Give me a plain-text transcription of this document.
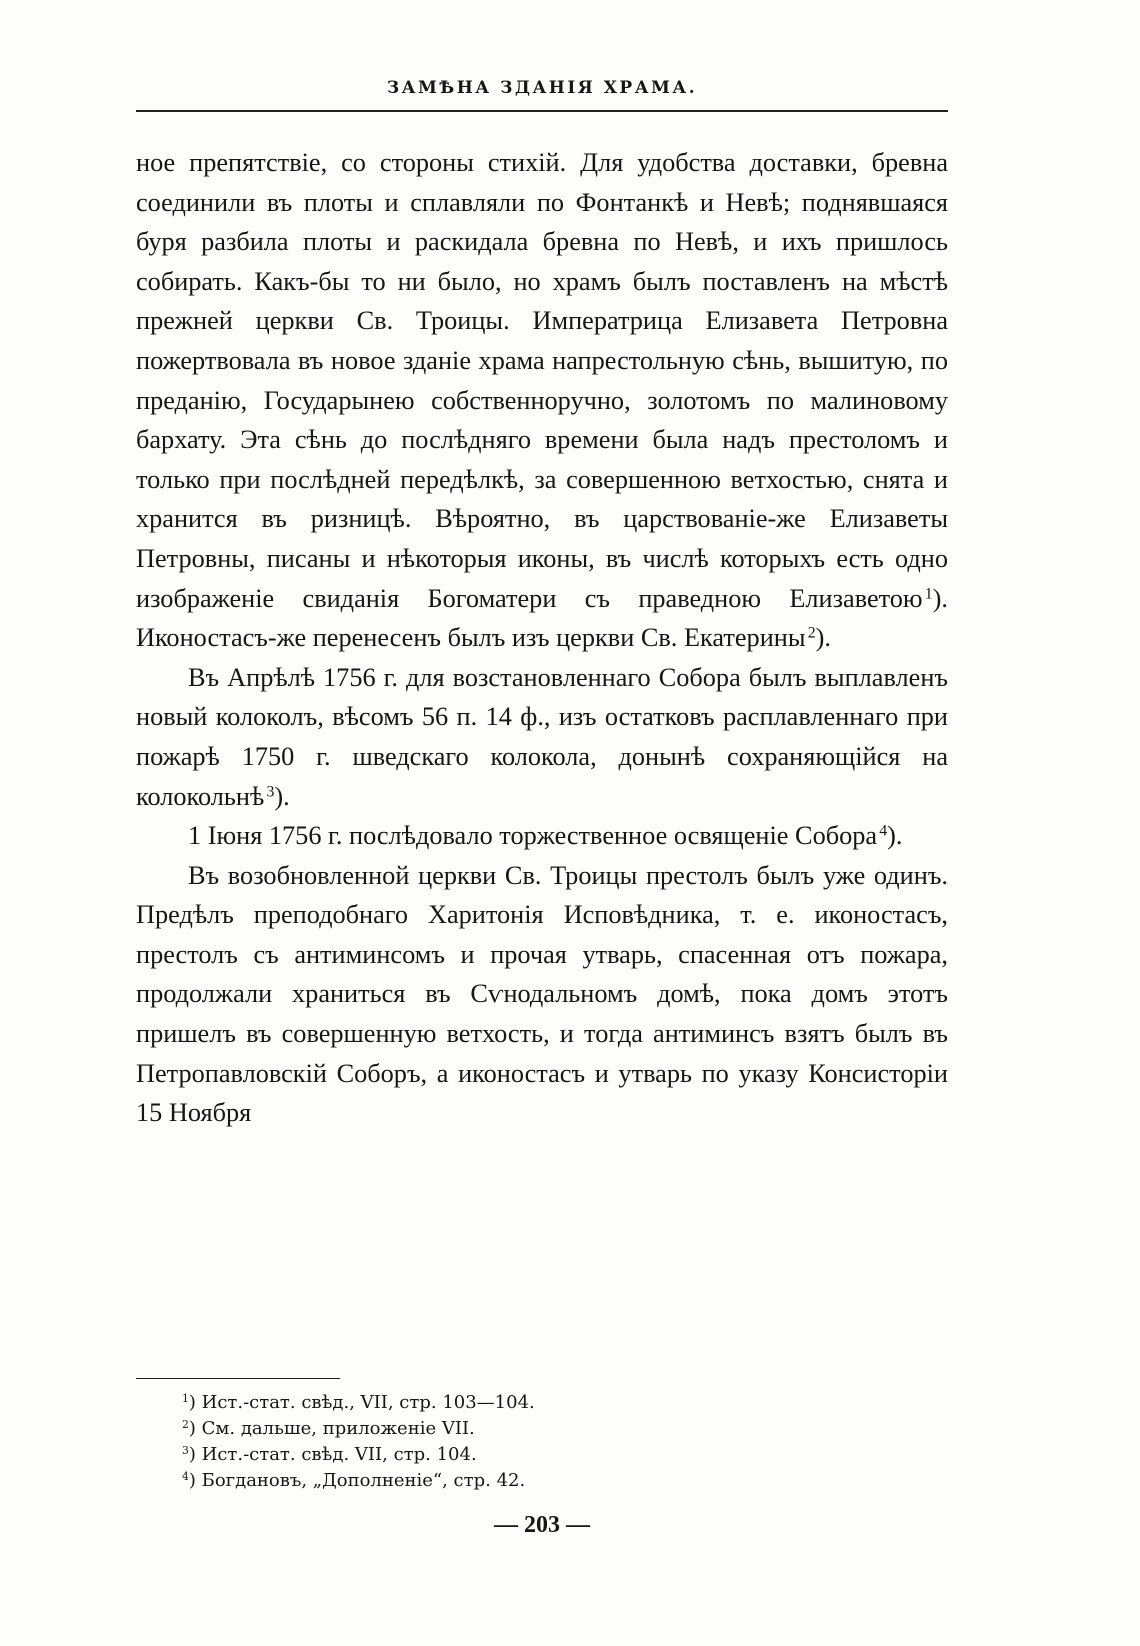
ЗАМѢНА ЗДАНІЯ ХРАМА.

ное препятствіе, со стороны стихій. Для удобства доставки, бревна соединили въ плоты и сплавляли по Фонтанкѣ и Невѣ; поднявшаяся буря разбила плоты и раскидала бревна по Невѣ, и ихъ пришлось собирать. Какъ-бы то ни было, но храмъ былъ поставленъ на мѣстѣ прежней церкви Св. Троицы. Императрица Елизавета Петровна пожертвовала въ новое зданіе храма напрестольную сѣнь, вышитую, по преданію, Государынею собственноручно, золотомъ по малиновому бархату. Эта сѣнь до послѣдняго времени была надъ престоломъ и только при послѣдней передѣлкѣ, за совершенною ветхостью, снята и хранится въ ризницѣ. Вѣроятно, въ царствованіе-же Елизаветы Петровны, писаны и нѣкоторыя иконы, въ числѣ которыхъ есть одно изображеніе свиданія Богоматери съ праведною Елизаветою  $^1$). Иконостасъ-же перенесенъ былъ изъ церкви Св. Екатерины  $^2$).

Въ Апрѣлѣ 1756 г. для возстановленнаго Собора былъ выплавленъ новый колоколъ, вѣсомъ 56 п. 14 ф., изъ остатковъ расплавленнаго при пожарѣ 1750 г. шведскаго колокола, донынѣ сохраняющійся на колокольнѣ  $^3$).

1 Іюня 1756 г. послѣдовало торжественное освященіе Собора  $^4$).

Въ возобновленной церкви Св. Троицы престолъ былъ уже одинъ. Предѣлъ преподобнаго Харитонія Исповѣдника, т. е. иконостасъ, престолъ съ антиминсомъ и прочая утварь, спасенная отъ пожара, продолжали храниться въ Сѵнодальномъ домѣ, пока домъ этотъ пришелъ въ совершенную ветхость, и тогда антиминсъ взятъ былъ въ Петропавловскій Соборъ, а иконостасъ и утварь по указу Консисторіи 15 Ноября

$^1$) Ист.-стат. свѣд., VII, стр. 103—104.
$^2$) См. дальше, приложеніе VII.
$^3$) Ист.-стат. свѣд. VII, стр. 104.
$^4$) Богдановъ, „Дополненіе“, стр. 42.
— 203 —
